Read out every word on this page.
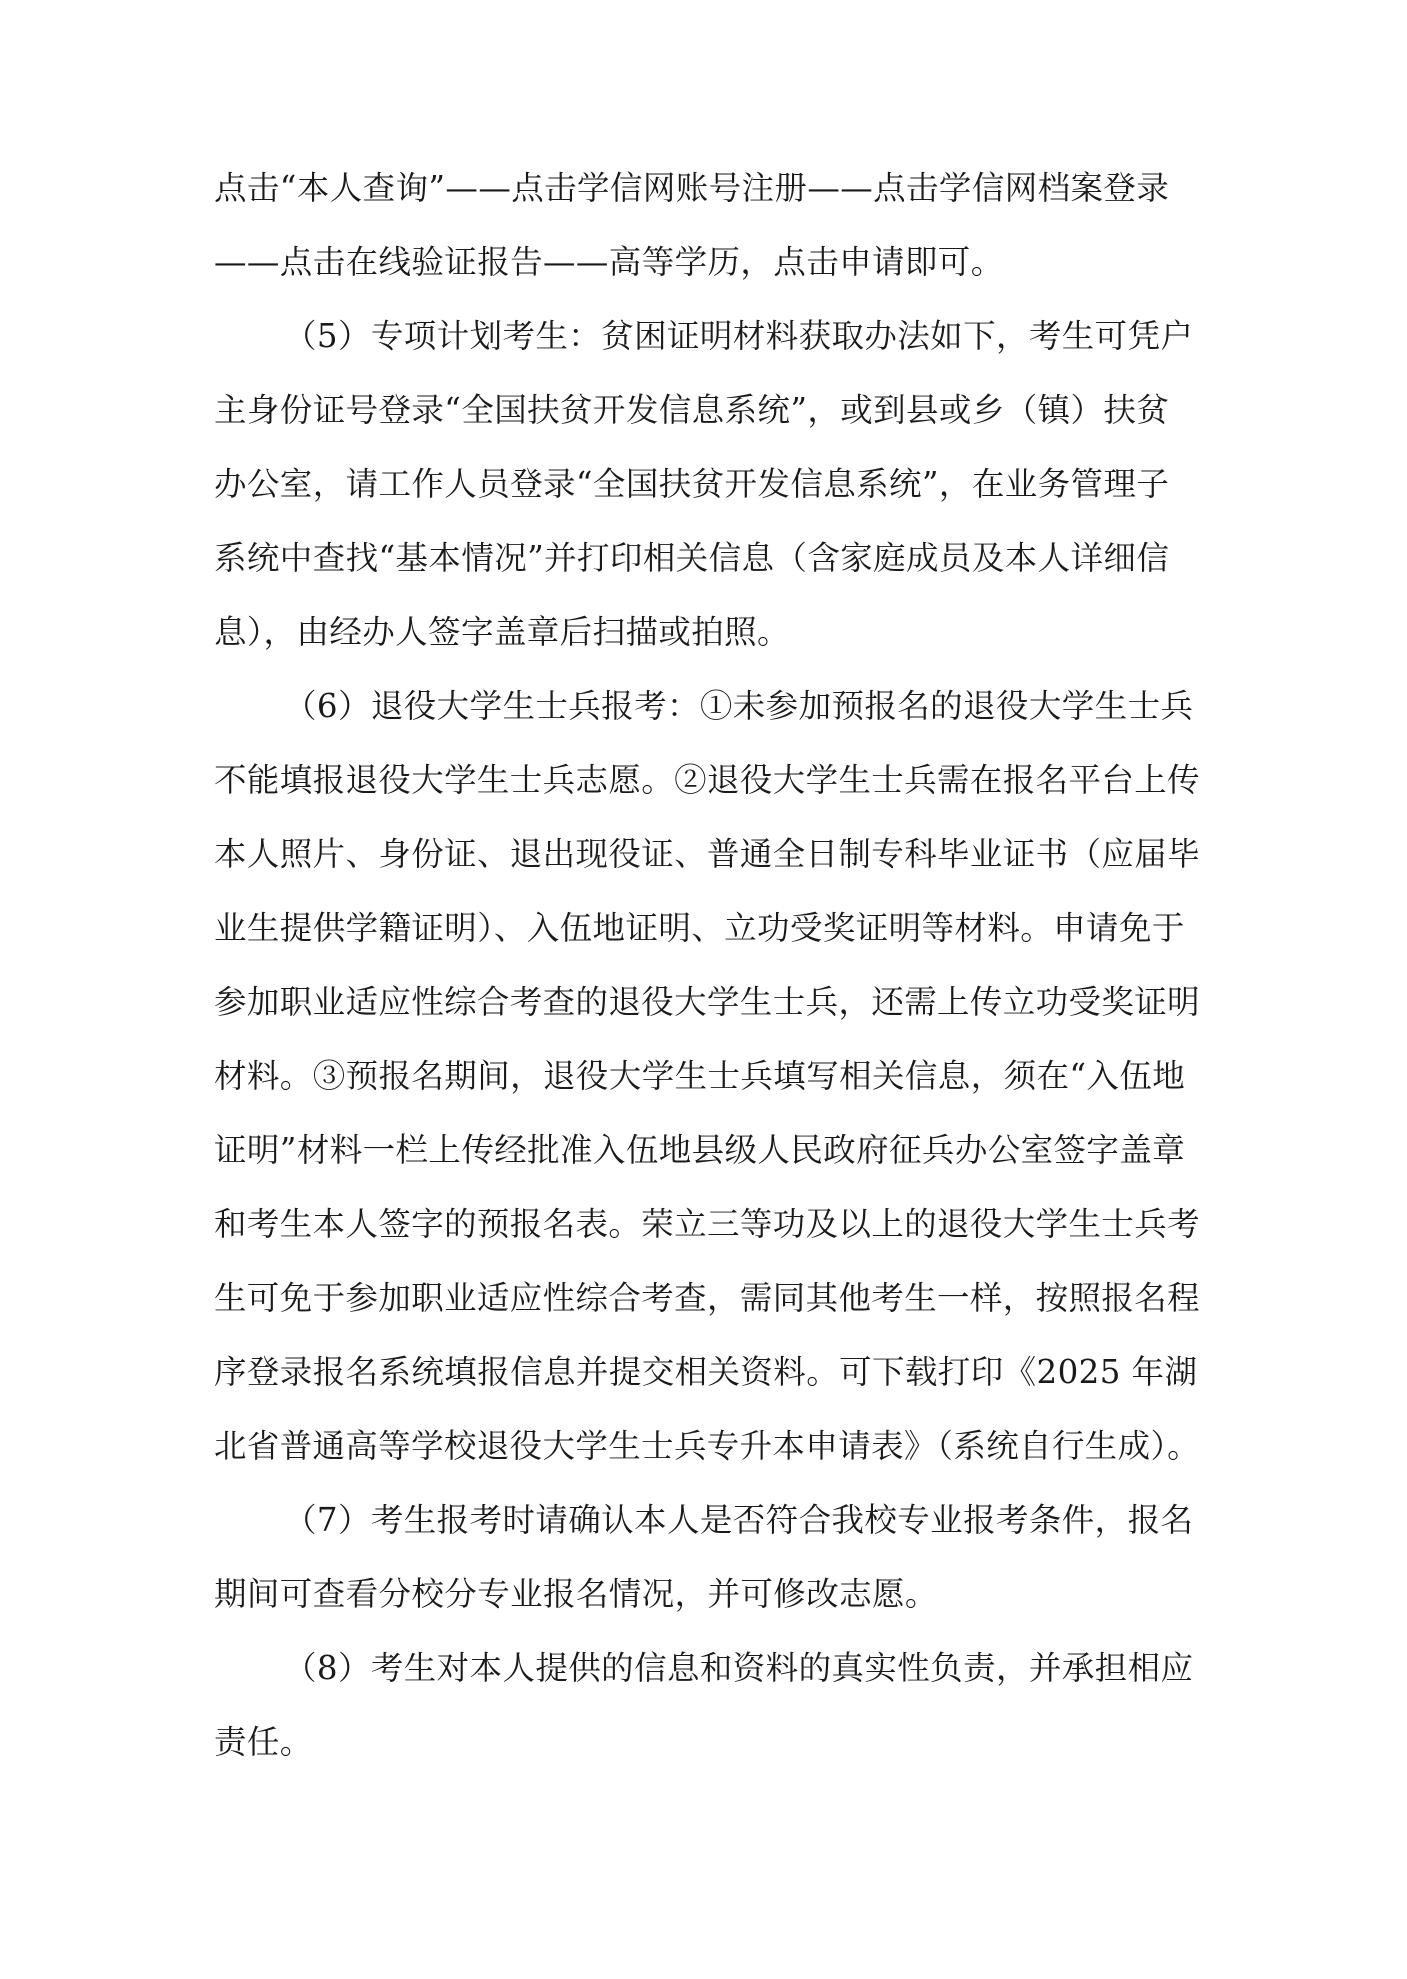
点击“本人查询”——点击学信网账号注册——点击学信网档案登录
——点击在线验证报告——高等学历，点击申请即可。
（5）专项计划考生：贫困证明材料获取办法如下，考生可凭户
主身份证号登录“全国扶贫开发信息系统”，或到县或乡（镇）扶贫
办公室，请工作人员登录“全国扶贫开发信息系统”，在业务管理子
系统中查找“基本情况”并打印相关信息（含家庭成员及本人详细信
息），由经办人签字盖章后扫描或拍照。
（6）退役大学生士兵报考：①未参加预报名的退役大学生士兵
不能填报退役大学生士兵志愿。②退役大学生士兵需在报名平台上传
本人照片、身份证、退出现役证、普通全日制专科毕业证书（应届毕
业生提供学籍证明）、入伍地证明、立功受奖证明等材料。申请免于
参加职业适应性综合考查的退役大学生士兵，还需上传立功受奖证明
材料。③预报名期间，退役大学生士兵填写相关信息，须在“入伍地
证明”材料一栏上传经批准入伍地县级人民政府征兵办公室签字盖章
和考生本人签字的预报名表。荣立三等功及以上的退役大学生士兵考
生可免于参加职业适应性综合考查，需同其他考生一样，按照报名程
序登录报名系统填报信息并提交相关资料。可下载打印《2025 年湖
北省普通高等学校退役大学生士兵专升本申请表》（系统自行生成）。
（7）考生报考时请确认本人是否符合我校专业报考条件，报名
期间可查看分校分专业报名情况，并可修改志愿。
（8）考生对本人提供的信息和资料的真实性负责，并承担相应
责任。
